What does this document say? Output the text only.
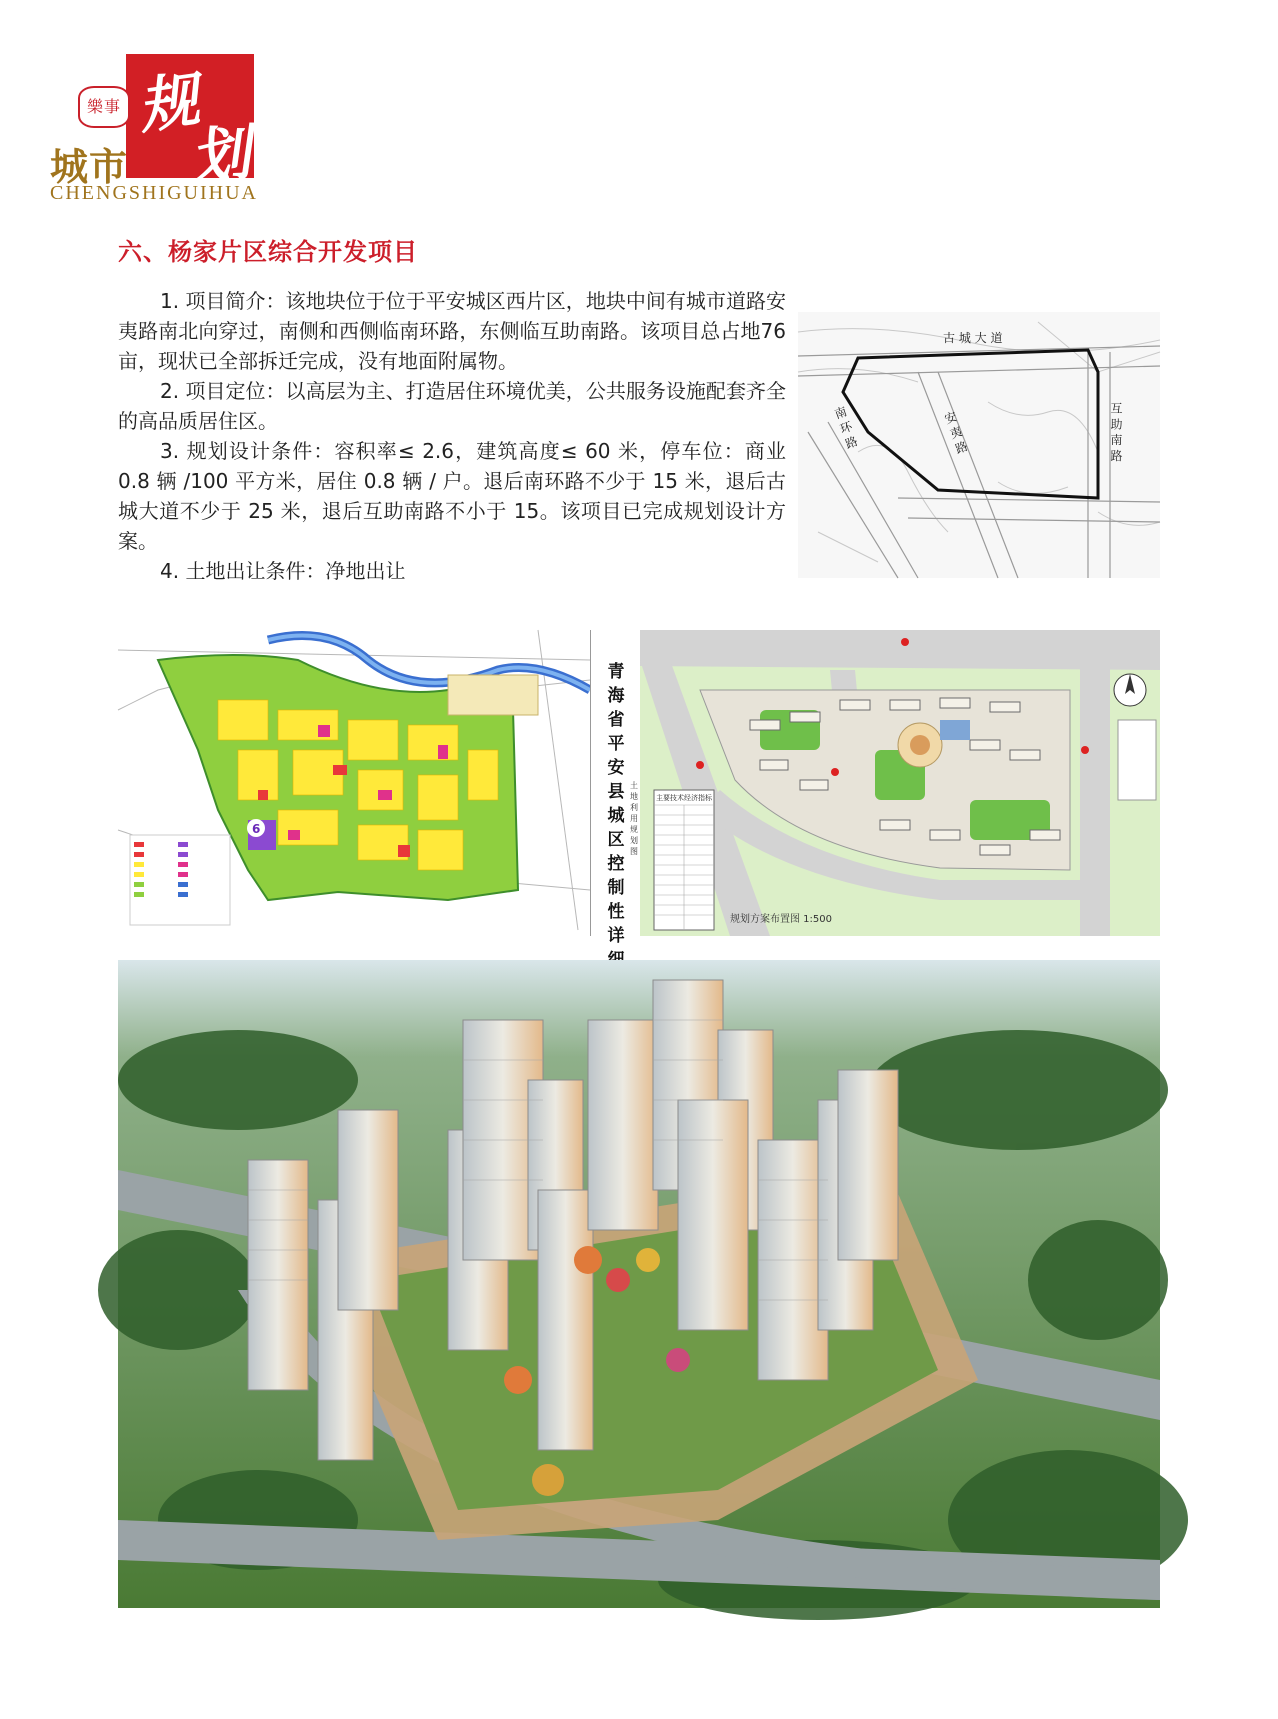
樂事 规
划
城市
CHENGSHIGUIHUA
六、杨家片区综合开发项目
1. 项目简介：该地块位于位于平安城区西片区，地块中间有城市道路安夷路南北向穿过，南侧和西侧临南环路，东侧临互助南路。该项目总占地76亩，现状已全部拆迁完成，没有地面附属物。
2. 项目定位：以高层为主、打造居住环境优美，公共服务设施配套齐全的高品质居住区。
3. 规划设计条件：容积率≤ 2.6，建筑高度≤ 60 米，停车位：商业 0.8 辆 /100 平方米，居住 0.8 辆 / 户。退后南环路不少于 15 米，退后古城大道不少于 25 米，退后互助南路不小于 15。该项目已完成规划设计方案。
4. 土地出让条件：净地出让
古 城 大 道
互 助 南 路
南 环 路	安 夷 路
6
青海省平安县城区控制性详
土地利用规划图
主要技术经济指标
规划方案布置图 1:500
